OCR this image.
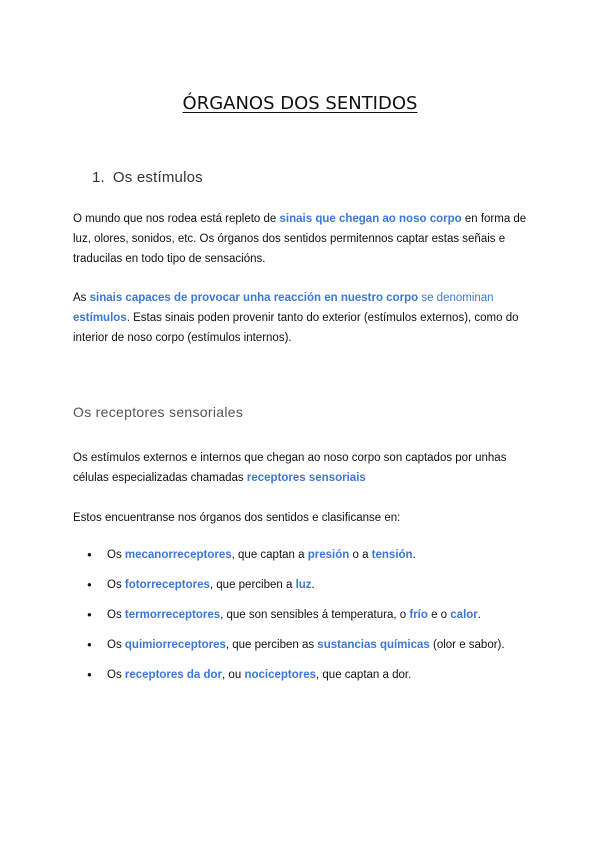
ÓRGANOS DOS SENTIDOS
1. Os estímulos

O mundo que nos rodea está repleto de sinais que chegan ao noso corpo en forma de luz, olores, sonidos, etc. Os órganos dos sentidos permitennos captar estas señais e traducilas en todo tipo de sensacións.

As sinais capaces de provocar unha reacción en nuestro corpo se denominan estímulos. Estas sinais poden provenir tanto do exterior (estímulos externos), como do interior de noso corpo (estímulos internos).

Os receptores sensoriales

Os estímulos externos e internos que chegan ao noso corpo son captados por unhas células especializadas chamadas receptores sensoriais

Estos encuentranse nos órganos dos sentidos e clasificanse en:

● Os mecanorreceptores, que captan a presión o a tensión.
● Os fotorreceptores, que perciben a luz.
● Os termorreceptores, que son sensibles á temperatura, o frío e o calor.
● Os quimiorreceptores, que perciben as sustancias químicas (olor e sabor).
● Os receptores da dor, ou nociceptores, que captan a dor.
